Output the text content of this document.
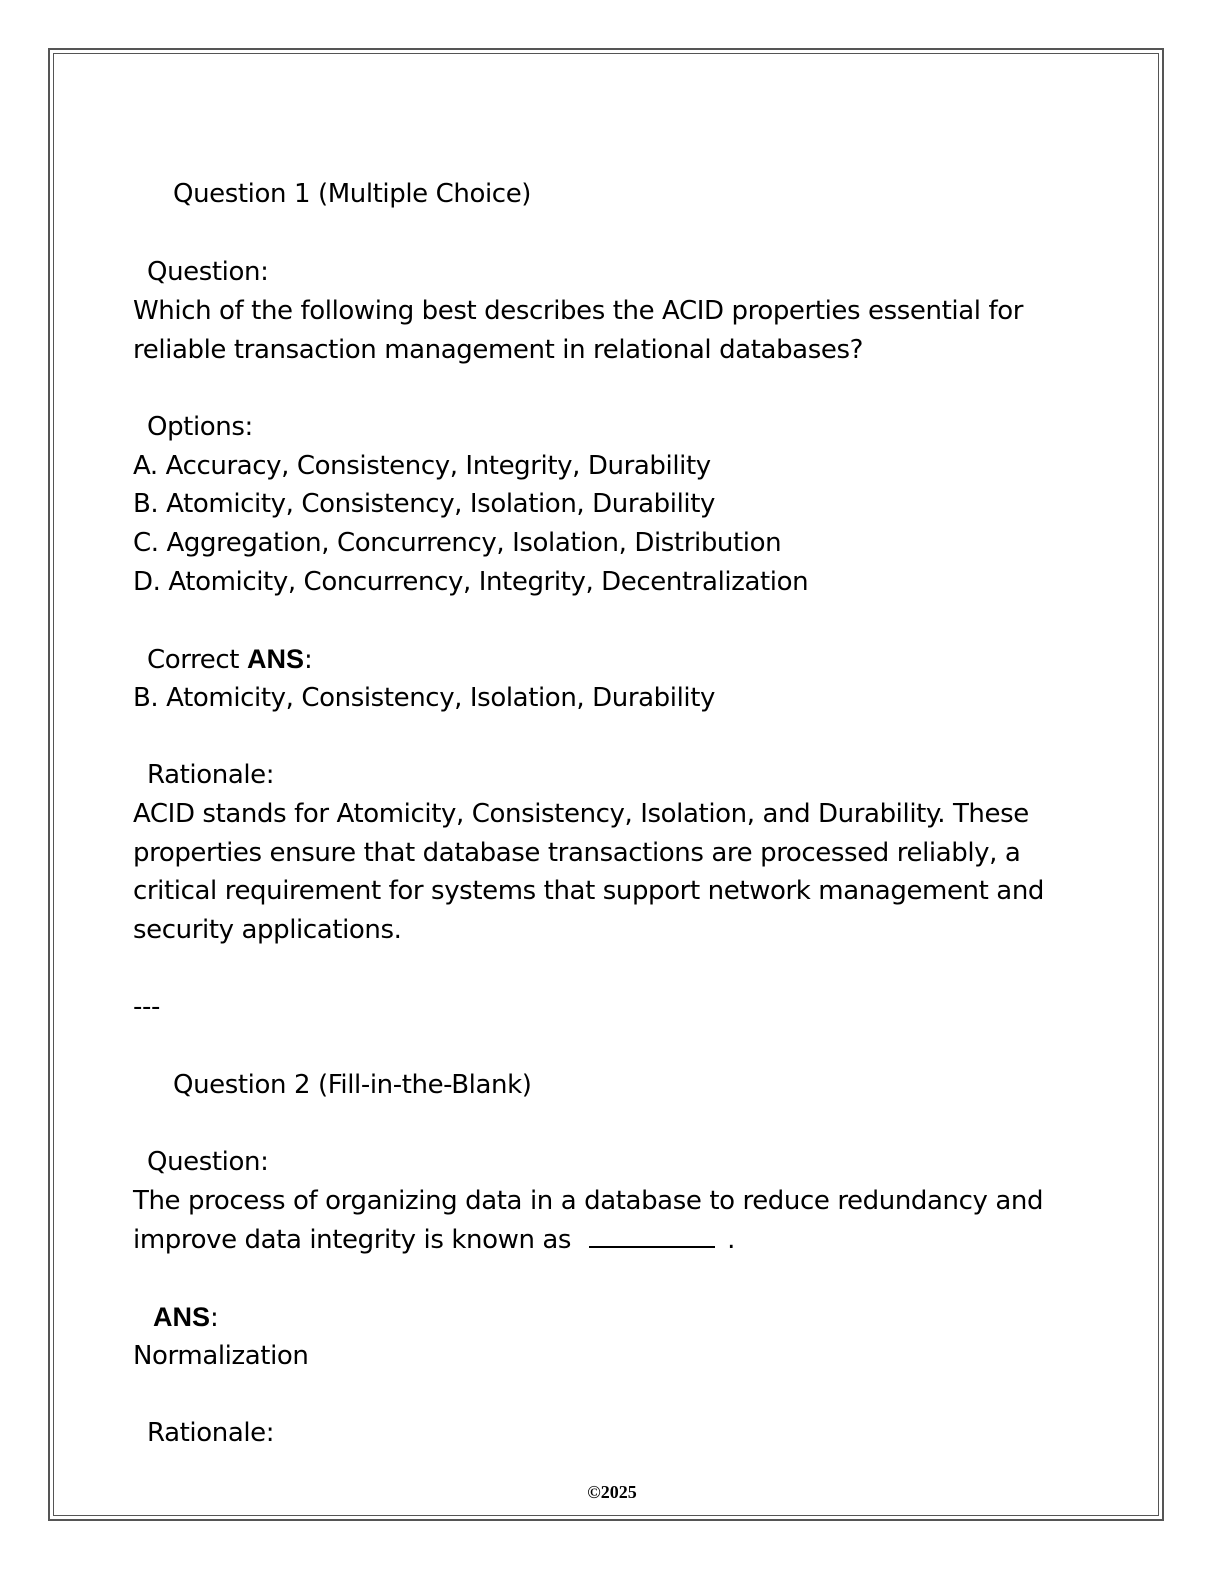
Question 1 (Multiple Choice)
Question:
Which of the following best describes the ACID properties essential for
reliable transaction management in relational databases?
Options:
A. Accuracy, Consistency, Integrity, Durability
B. Atomicity, Consistency, Isolation, Durability
C. Aggregation, Concurrency, Isolation, Distribution
D. Atomicity, Concurrency, Integrity, Decentralization
Correct ANS:
B. Atomicity, Consistency, Isolation, Durability
Rationale:
ACID stands for Atomicity, Consistency, Isolation, and Durability. These
properties ensure that database transactions are processed reliably, a
critical requirement for systems that support network management and
security applications.
---
Question 2 (Fill-in-the-Blank)
Question:
The process of organizing data in a database to reduce redundancy and
improve data integrity is known as	.
ANS:
Normalization
Rationale:
©2025
